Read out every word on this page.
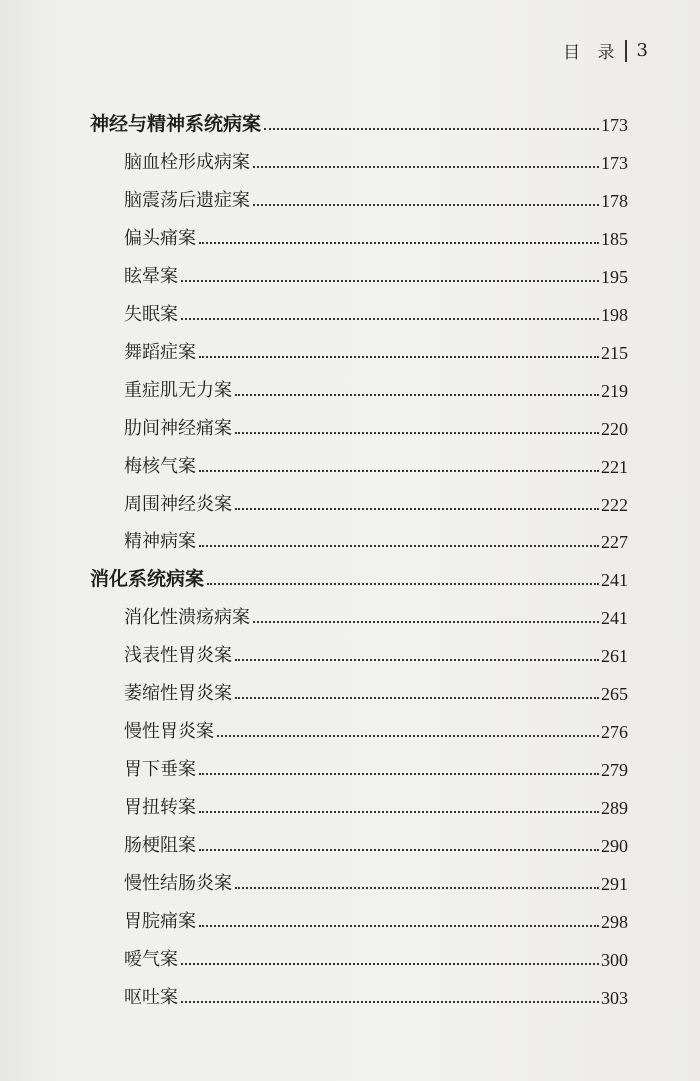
目 录 3
神经与精神系统病案	173
脑血栓形成病案	173
脑震荡后遗症案	178
偏头痛案	185
眩晕案	195
失眠案	198
舞蹈症案	215
重症肌无力案	219
肋间神经痛案	220
梅核气案	221
周围神经炎案	222
精神病案	227
消化系统病案	241
消化性溃疡病案	241
浅表性胃炎案	261
萎缩性胃炎案	265
慢性胃炎案	276
胃下垂案	279
胃扭转案	289
肠梗阻案	290
慢性结肠炎案	291
胃脘痛案	298
嗳气案	300
呕吐案	303
